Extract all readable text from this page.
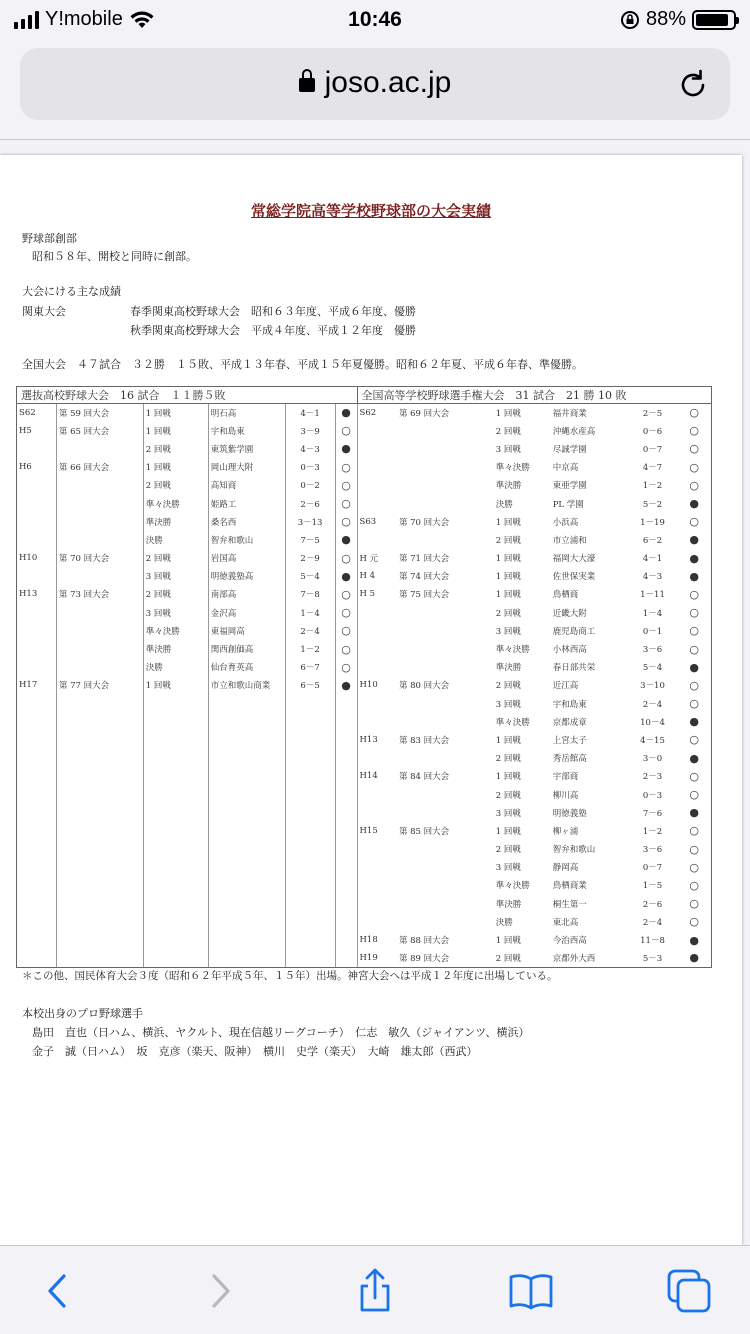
Y!mobile	10:46	88%
joso.ac.jp
常総学院高等学校野球部の大会実績
野球部創部
昭和５８年、開校と同時に創部。
大会にける主な成績
関東大会	春季関東高校野球大会　昭和６３年度、平成６年度、優勝
秋季関東高校野球大会　平成４年度、平成１２年度　優勝
全国大会　４７試合　３２勝　１５敗、平成１３年春、平成１５年夏優勝。昭和６２年夏、平成６年春、準優勝。
選抜高校野球大会　16 試合　１１勝５敗						全国高等学校野球選手権大会　31 試合　21 勝 10 敗					
S62	第 59 回大会	1 回戦	明石高	4－1	●	S62	第 69 回大会	1 回戦	福井商業	2－5	○
H5	第 65 回大会	1 回戦	宇和島東	3－9	○			2 回戦	沖縄水産高	0－6	○
		2 回戦	東筑紫学園	4－3	●			3 回戦	尽誠学園	0－7	○
H6	第 66 回大会	1 回戦	岡山理大附	0－3	○			準々決勝	中京高	4－7	○
		2 回戦	高知商	0－2	○			準決勝	東亜学園	1－2	○
		準々決勝	姫路工	2－6	○			決勝	PL 学園	5－2	●
		準決勝	桑名西	3－13	○	S63	第 70 回大会	1 回戦	小浜高	1－19	○
		決勝	智弁和歌山	7－5	●			2 回戦	市立浦和	6－2	●
H10	第 70 回大会	2 回戦	岩国高	2－9	○	H 元	第 71 回大会	1 回戦	福岡大大濠	4－1	●
		3 回戦	明徳義塾高	5－4	●	H 4	第 74 回大会	1 回戦	佐世保実業	4－3	●
H13	第 73 回大会	2 回戦	南部高	7－8	○	H 5	第 75 回大会	1 回戦	鳥栖商	1－11	○
		3 回戦	金沢高	1－4	○			2 回戦	近畿大附	1－4	○
		準々決勝	東福岡高	2－4	○			3 回戦	鹿児島商工	0－1	○
		準決勝	関西創価高	1－2	○			準々決勝	小林西高	3－6	○
		決勝	仙台育英高	6－7	○			準決勝	春日部共栄	5－4	●
H17	第 77 回大会	1 回戦	市立和歌山商業	6－5	●	H10	第 80 回大会	2 回戦	近江高	3－10	○
								3 回戦	宇和島東	2－4	○
								準々決勝	京都成章	10－4	●
						H13	第 83 回大会	1 回戦	上宮太子	4－15	○
								2 回戦	秀岳館高	3－0	●
						H14	第 84 回大会	1 回戦	宇部商	2－3	○
								2 回戦	柳川高	0－3	○
								3 回戦	明徳義塾	7－6	●
						H15	第 85 回大会	1 回戦	柳ヶ浦	1－2	○
								2 回戦	智弁和歌山	3－6	○
								3 回戦	静岡高	0－7	○
								準々決勝	鳥栖商業	1－5	○
								準決勝	桐生第一	2－6	○
								決勝	東北高	2－4	○
						H18	第 88 回大会	1 回戦	今治西高	11－8	●
						H19	第 89 回大会	2 回戦	京都外大西	5－3	●
＊この他、国民体育大会３度（昭和６２年平成５年、１５年）出場。神宮大会へは平成１２年度に出場している。
本校出身のプロ野球選手
島田　直也（日ハム、横浜、ヤクルト、現在信越リーグコーチ）　仁志　敏久（ジャイアンツ、横浜）
金子　誠（日ハム）　坂　克彦（楽天、阪神）　横川　史学（楽天）　大崎　雄太郎（西武）
